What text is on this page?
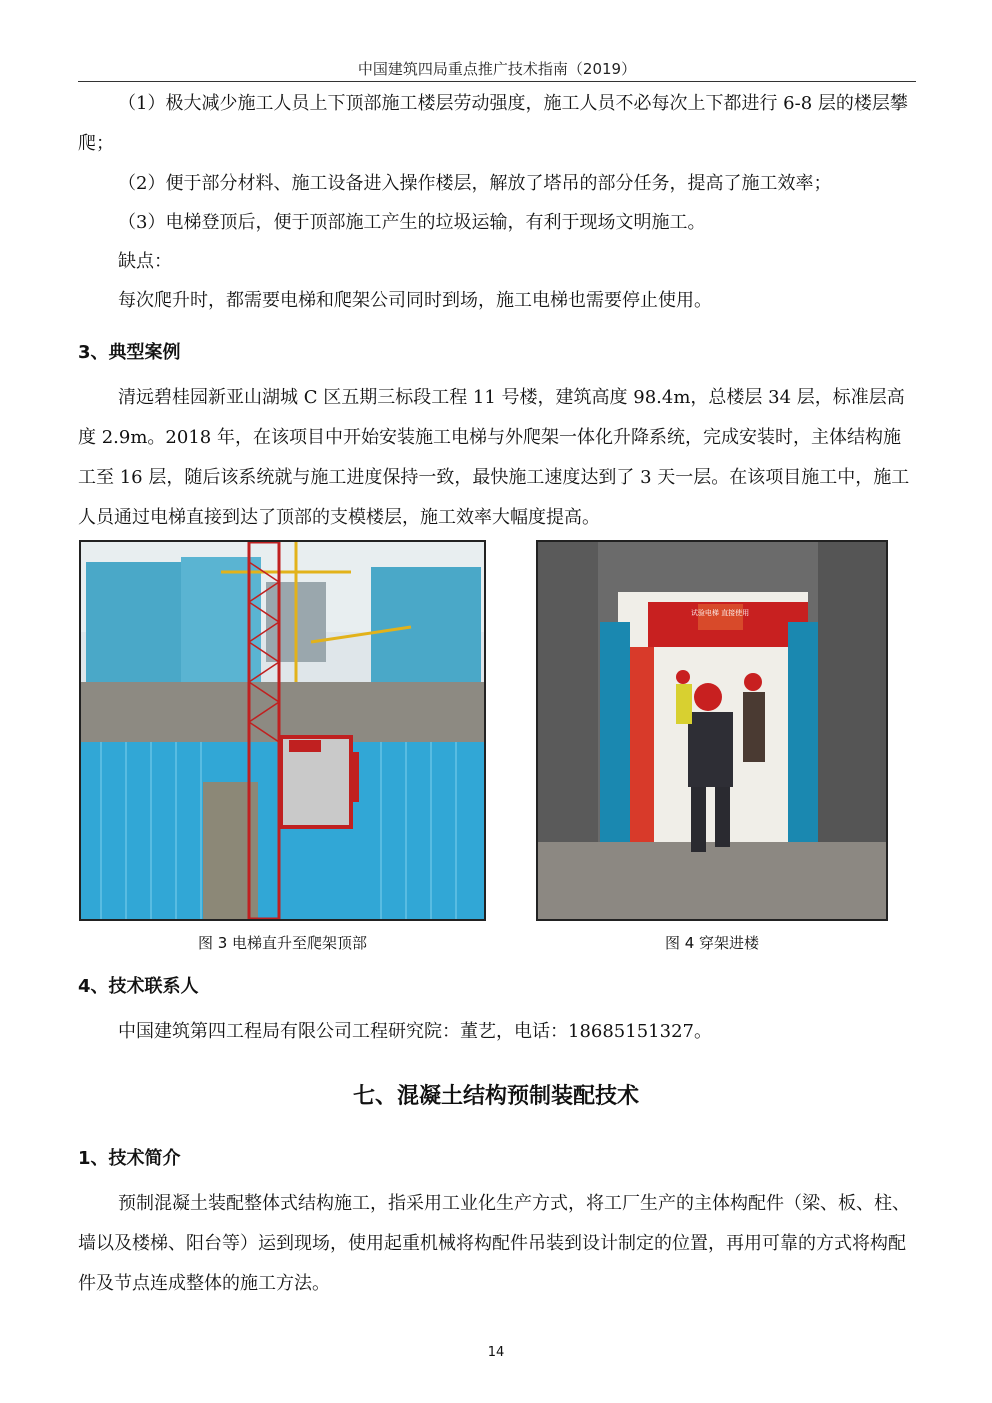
中国建筑四局重点推广技术指南（2019）

（1）极大减少施工人员上下顶部施工楼层劳动强度，施工人员不必每次上下都进行 6-8 层的楼层攀爬；

（2）便于部分材料、施工设备进入操作楼层，解放了塔吊的部分任务，提高了施工效率；

（3）电梯登顶后，便于顶部施工产生的垃圾运输，有利于现场文明施工。

缺点：

每次爬升时，都需要电梯和爬架公司同时到场，施工电梯也需要停止使用。

3、典型案例

清远碧桂园新亚山湖城 C 区五期三标段工程 11 号楼，建筑高度 98.4m，总楼层 34 层，标准层高度 2.9m。2018 年，在该项目中开始安装施工电梯与外爬架一体化升降系统，完成安装时，主体结构施工至 16 层，随后该系统就与施工进度保持一致，最快施工速度达到了 3 天一层。在该项目施工中，施工人员通过电梯直接到达了顶部的支模楼层，施工效率大幅度提高。

图 3 电梯直升至爬架顶部
试验电梯 直接使用
图 4 穿架进楼
4、技术联系人

中国建筑第四工程局有限公司工程研究院：董艺，电话：18685151327。

七、混凝土结构预制装配技术
1、技术简介

预制混凝土装配整体式结构施工，指采用工业化生产方式，将工厂生产的主体构配件（梁、板、柱、墙以及楼梯、阳台等）运到现场，使用起重机械将构配件吊装到设计制定的位置，再用可靠的方式将构配件及节点连成整体的施工方法。

14
